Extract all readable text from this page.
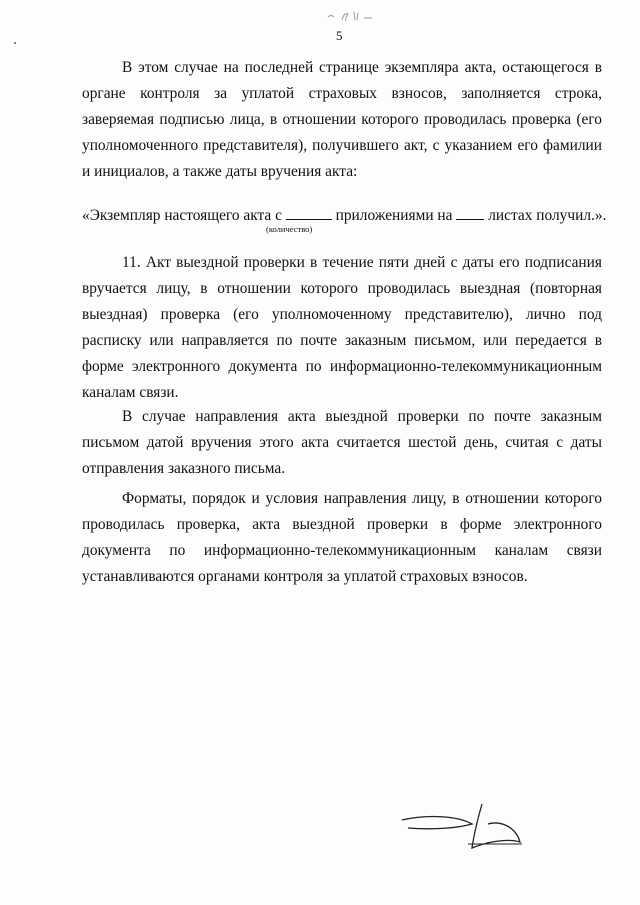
5
В этом случае на последней странице экземпляра акта, остающегося в органе контроля за уплатой страховых взносов, заполняется строка, заверяемая подписью лица, в отношении которого проводилась проверка (его уполномоченного представителя), получившего акт, с указанием его фамилии и инициалов, а также даты вручения акта:
«Экземпляр настоящего акта с	приложениями на листах получил.».
(количество)
11. Акт выездной проверки в течение пяти дней с даты его подписания вручается лицу, в отношении которого проводилась выездная (повторная выездная) проверка (его уполномоченному представителю), лично под расписку или направляется по почте заказным письмом, или передается в форме электронного документа по информационно-телекоммуникационным каналам связи.
В случае направления акта выездной проверки по почте заказным письмом датой вручения этого акта считается шестой день, считая с даты отправления заказного письма.
Форматы, порядок и условия направления лицу, в отношении которого проводилась проверка, акта выездной проверки в форме электронного документа по информационно-телекоммуникационным каналам связи устанавливаются органами контроля за уплатой страховых взносов.
